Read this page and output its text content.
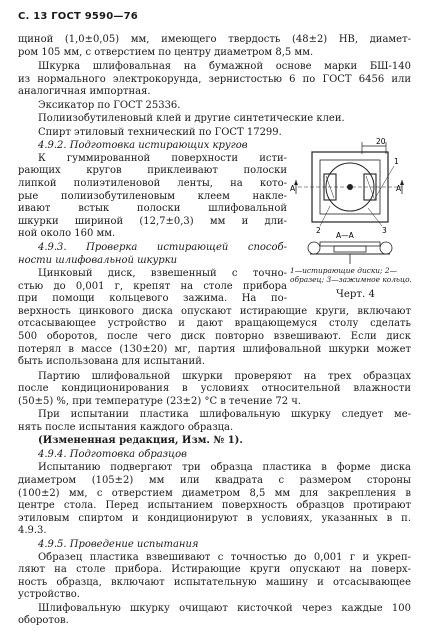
С. 13 ГОСТ 9590—76
щиной (1,0±0,05) мм, имеющего твердость (48±2) НВ, диамет-
ром 105 мм, с отверстием по центру диаметром 8,5 мм.
Шкурка шлифовальная на бумажной основе марки БШ-140
из нормального электрокорунда, зернистостью 6 по ГОСТ 6456 или
аналогичная импортная.
Эксикатор по ГОСТ 25336.
Полиизобутиленовый клей и другие синтетические клеи.
Спирт этиловый технический по ГОСТ 17299.
4.9.2. Подготовка истирающих кругов
К гуммированной поверхности исти-
рающих кругов приклеивают полоски
липкой полиэтиленовой ленты, на кото-
рые полиизобутиленовым клеем накле-
ивают встык полоски шлифовальной
шкурки шириной (12,7±0,3) мм и дли-
ной около 160 мм.
4.9.3. Проверка истирающей способ-
ности шлифовальной шкурки
Цинковый диск, взвешенный с точно-
стью до 0,001 г, крепят на столе прибора
при помощи кольцевого зажима. На по-
верхность цинкового диска опускают истирающие круги, включают
отсасывающее устройство и дают вращающемуся столу сделать
500 оборотов, после чего диск повторно взвешивают. Если диск
потерял в массе (130±20) мг, партия шлифовальной шкурки может
быть использована для испытаний.
Партию шлифовальной шкурки проверяют на трех образцах
после кондиционирования в условиях относительной влажности
(50±5) %, при температуре (23±2) °С в течение 72 ч.
При испытании пластика шлифовальную шкурку следует ме-
нять после испытания каждого образца.
(Измененная редакция, Изм. № 1).
4.9.4. Подготовка образцов
Испытанию подвергают три образца пластика в форме диска
диаметром (105±2) мм или квадрата с размером стороны
(100±2) мм, с отверстием диаметром 8,5 мм для закрепления в
центре стола. Перед испытанием поверхность образцов протирают
этиловым спиртом и кондиционируют в условиях, указанных в п.
4.9.3.
4.9.5. Проведение испытания
Образец пластика взвешивают с точностью до 0,001 г и укреп-
ляют на столе прибора. Истирающие круги опускают на поверх-
ность образца, включают испытательную машину и отсасывающее
устройство.
Шлифовальную шкурку очищают кисточкой через каждые 100
оборотов.
20
А	А
1
2	3
А—А
1—истирающие диски; 2—образец; 3—зажимное кольцо.
Черт. 4
